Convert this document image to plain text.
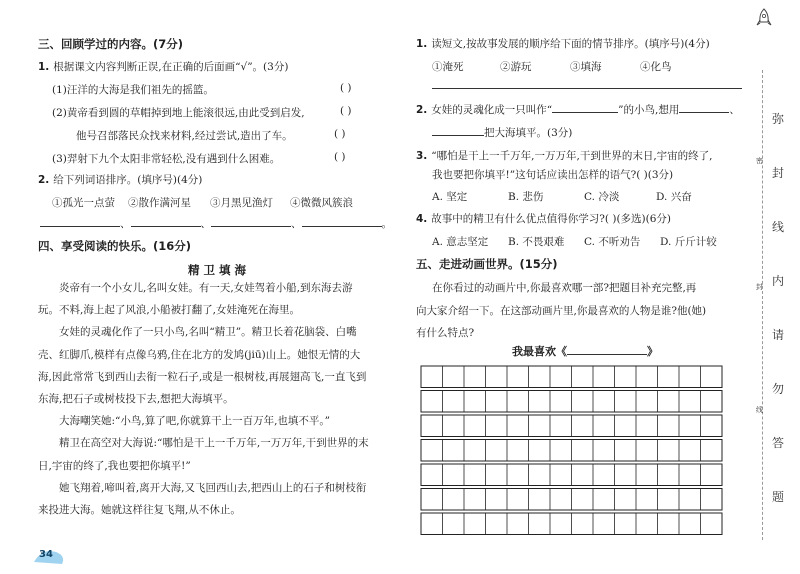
三、回顾学过的内容。(7分)
1. 根据课文内容判断正误,在正确的后面画“√”。(3分)
(1)汪洋的大海是我们祖先的摇篮。	( )
(2)黄帝看到圆的草帽掉到地上能滚很远,由此受到启发,	( )
他号召部落民众找来材料,经过尝试,造出了车。	( )
(3)羿射下九个太阳非常轻松,没有遇到什么困难。	( )
2. 给下列词语排序。(填序号)(4分)
①孤光一点萤 ②散作满河星 ③月黑见渔灯 ④微微风簇浪
、	、	、	。
四、享受阅读的快乐。(16分)
精 卫 填 海

炎帝有一个小女儿,名叫女娃。有一天,女娃驾着小船,到东海去游玩。不料,海上起了风浪,小船被打翻了,女娃淹死在海里。

女娃的灵魂化作了一只小鸟,名叫“精卫”。精卫长着花脑袋、白嘴壳、红脚爪,模样有点像乌鸦,住在北方的发鸠(jiū)山上。她恨无情的大海,因此常常飞到西山去衔一粒石子,或是一根树枝,再展翅高飞,一直飞到东海,把石子或树枝投下去,想把大海填平。

大海嘲笑她:“小鸟,算了吧,你就算干上一百万年,也填不平。”

精卫在高空对大海说:“哪怕是干上一千万年,一万万年,干到世界的末日,宇宙的终了,我也要把你填平!”

她飞翔着,啼叫着,离开大海,又飞回西山去,把西山上的石子和树枝衔来投进大海。她就这样往复飞翔,从不休止。

34
1. 读短文,按故事发展的顺序给下面的情节排序。(填序号)(4分)
①淹死	②游玩	③填海	④化鸟
2. 女娃的灵魂化成一只叫作“	”的小鸟,想用	、
把大海填平。(3分)
3. “哪怕是干上一千万年,一万万年,干到世界的末日,宇宙的终了,
我也要把你填平!”这句话应读出怎样的语气?( )(3分)
A. 坚定	B. 悲伤	C. 冷淡	D. 兴奋
4. 故事中的精卫有什么优点值得你学习?( )(多选)(6分)
A. 意志坚定 B. 不畏艰难 C. 不听劝告 D. 斤斤计较
五、走进动画世界。(15分)
在你看过的动画片中,你最喜欢哪一部?把题目补充完整,再
向大家介绍一下。在这部动画片里,你最喜欢的人物是谁?他(她)
有什么特点?
我最喜欢《	》
弥
密
封
线
内
封
请
勿
线
答
题
